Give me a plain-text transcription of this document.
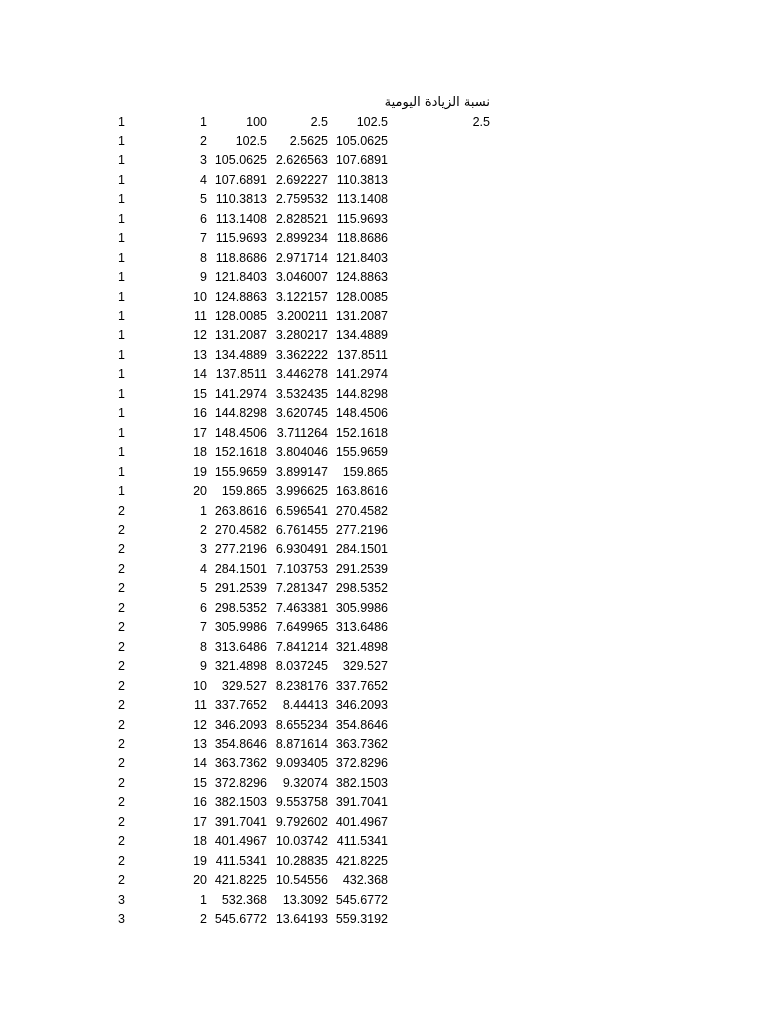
نسبة الزيادة اليومية
2.5
1	1	100	2.5	102.5
1	2	102.5	2.5625	105.0625
1	3	105.0625	2.626563	107.6891
1	4	107.6891	2.692227	110.3813
1	5	110.3813	2.759532	113.1408
1	6	113.1408	2.828521	115.9693
1	7	115.9693	2.899234	118.8686
1	8	118.8686	2.971714	121.8403
1	9	121.8403	3.046007	124.8863
1	10	124.8863	3.122157	128.0085
1	11	128.0085	3.200211	131.2087
1	12	131.2087	3.280217	134.4889
1	13	134.4889	3.362222	137.8511
1	14	137.8511	3.446278	141.2974
1	15	141.2974	3.532435	144.8298
1	16	144.8298	3.620745	148.4506
1	17	148.4506	3.711264	152.1618
1	18	152.1618	3.804046	155.9659
1	19	155.9659	3.899147	159.865
1	20	159.865	3.996625	163.8616
2	1	263.8616	6.596541	270.4582
2	2	270.4582	6.761455	277.2196
2	3	277.2196	6.930491	284.1501
2	4	284.1501	7.103753	291.2539
2	5	291.2539	7.281347	298.5352
2	6	298.5352	7.463381	305.9986
2	7	305.9986	7.649965	313.6486
2	8	313.6486	7.841214	321.4898
2	9	321.4898	8.037245	329.527
2	10	329.527	8.238176	337.7652
2	11	337.7652	8.44413	346.2093
2	12	346.2093	8.655234	354.8646
2	13	354.8646	8.871614	363.7362
2	14	363.7362	9.093405	372.8296
2	15	372.8296	9.32074	382.1503
2	16	382.1503	9.553758	391.7041
2	17	391.7041	9.792602	401.4967
2	18	401.4967	10.03742	411.5341
2	19	411.5341	10.28835	421.8225
2	20	421.8225	10.54556	432.368
3	1	532.368	13.3092	545.6772
3	2	545.6772	13.64193	559.3192
